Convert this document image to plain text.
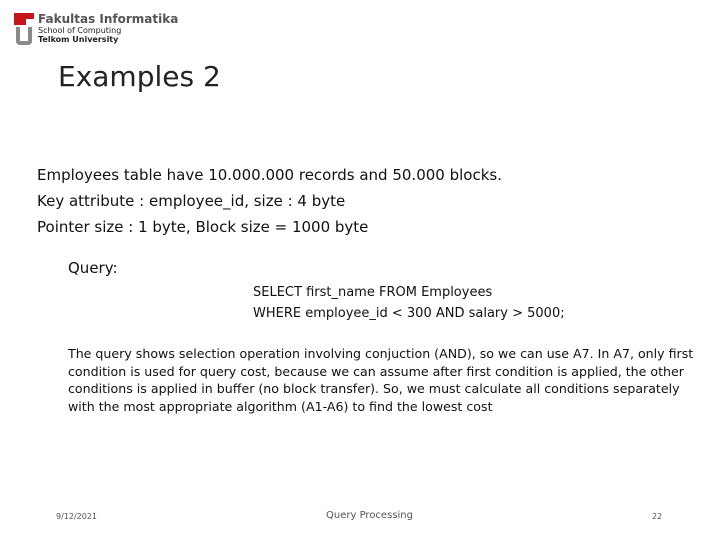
Fakultas Informatika
School of Computing
Telkom University
Examples 2

Employees table have 10.000.000 records and 50.000 blocks.

Key attribute : employee_id, size : 4 byte

Pointer size : 1 byte, Block size = 1000 byte

Query:

SELECT first_name FROM Employees

WHERE employee_id < 300 AND salary > 5000;

The query shows selection operation involving conjuction (AND), so we can use A7. In A7, only first condition is used for query cost, because we can assume after first condition is applied, the other conditions is applied in buffer (no block transfer). So, we must calculate all conditions separately with the most appropriate algorithm (A1-A6) to find the lowest cost
9/12/2021	Query Processing	22
